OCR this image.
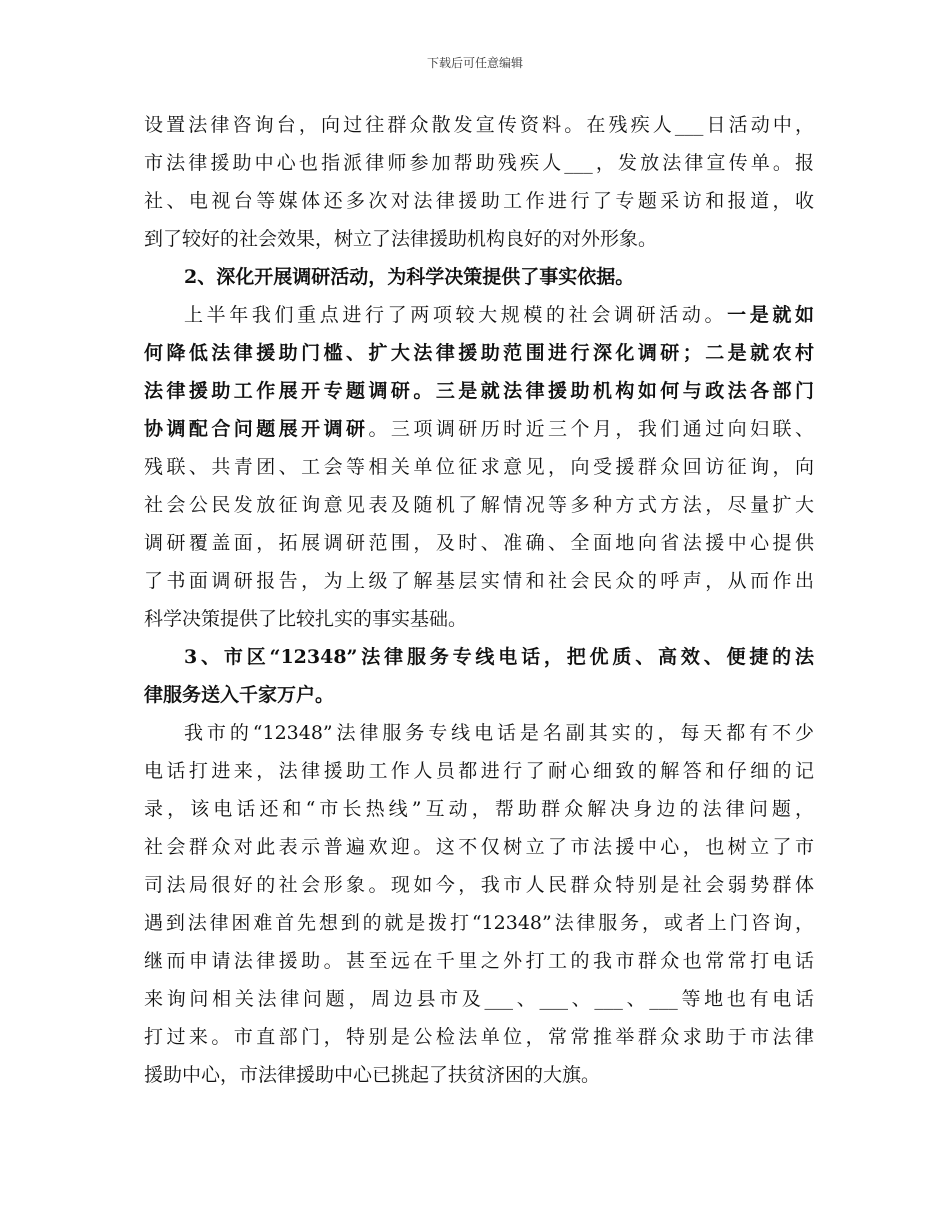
下载后可任意编辑
设置法律咨询台，向过往群众散发宣传资料。在残疾人___日活动中，
市法律援助中心也指派律师参加帮助残疾人___，发放法律宣传单。报
社、电视台等媒体还多次对法律援助工作进行了专题采访和报道，收
到了较好的社会效果，树立了法律援助机构良好的对外形象。
2、深化开展调研活动，为科学决策提供了事实依据。
上半年我们重点进行了两项较大规模的社会调研活动。一是就如
何降低法律援助门槛、扩大法律援助范围进行深化调研；二是就农村
法律援助工作展开专题调研。三是就法律援助机构如何与政法各部门
协调配合问题展开调研。三项调研历时近三个月，我们通过向妇联、
残联、共青团、工会等相关单位征求意见，向受援群众回访征询，向
社会公民发放征询意见表及随机了解情况等多种方式方法，尽量扩大
调研覆盖面，拓展调研范围，及时、准确、全面地向省法援中心提供
了书面调研报告，为上级了解基层实情和社会民众的呼声，从而作出
科学决策提供了比较扎实的事实基础。
3、市区“12348”法律服务专线电话，把优质、高效、便捷的法
律服务送入千家万户。
我市的“12348”法律服务专线电话是名副其实的，每天都有不少
电话打进来，法律援助工作人员都进行了耐心细致的解答和仔细的记
录，该电话还和“市长热线”互动，帮助群众解决身边的法律问题，
社会群众对此表示普遍欢迎。这不仅树立了市法援中心，也树立了市
司法局很好的社会形象。现如今，我市人民群众特别是社会弱势群体
遇到法律困难首先想到的就是拨打“12348”法律服务，或者上门咨询，
继而申请法律援助。甚至远在千里之外打工的我市群众也常常打电话
来询问相关法律问题，周边县市及___、___、___、___等地也有电话
打过来。市直部门，特别是公检法单位，常常推举群众求助于市法律
援助中心，市法律援助中心已挑起了扶贫济困的大旗。
